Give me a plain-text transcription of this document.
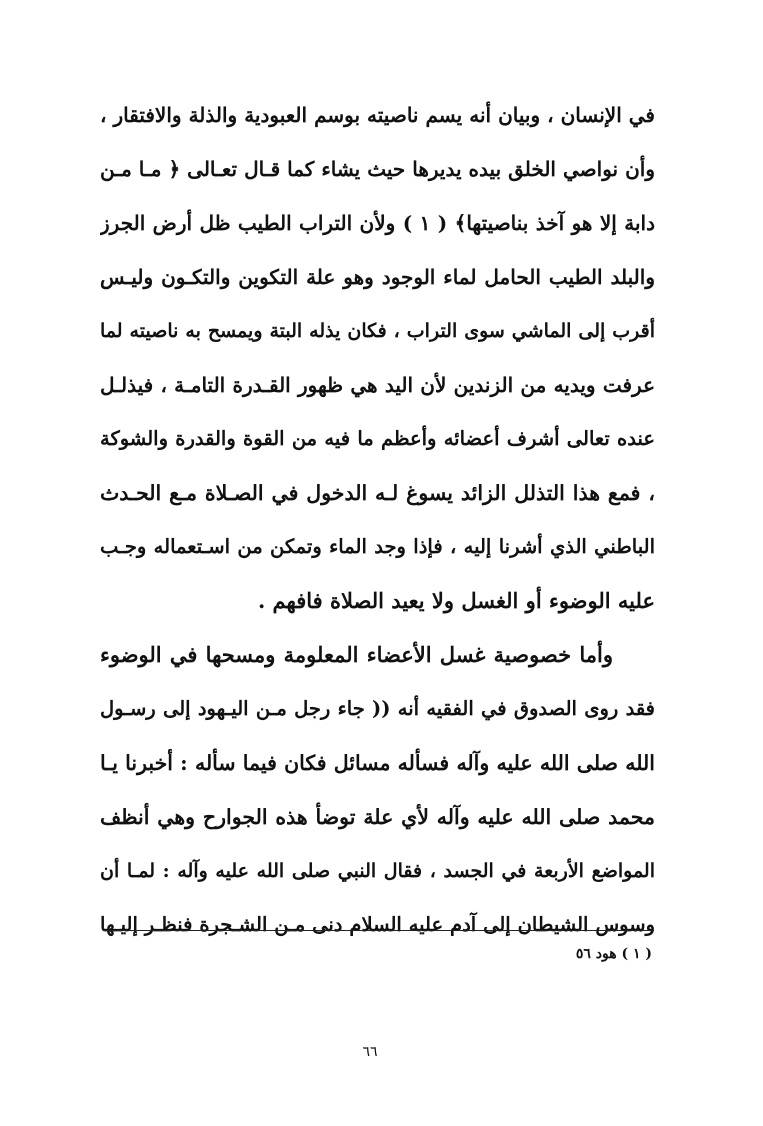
في الإنسان ، وبيان أنه يسم ناصيته بوسم العبودية والذلة والافتقار ،
وأن نواصي الخلق بيده يديرها حيث يشاء كما قـال تعـالى ﴿ مـا مـن
دابة إلا هو آخذ بناصيتها﴾ ( ١ ) ولأن التراب الطيب ظل أرض الجرز
والبلد الطيب الحامل لماء الوجود وهو علة التكوين والتكـون وليـس
أقرب إلى الماشي سوى التراب ، فكان يذله البتة ويمسح به ناصيته لما
عرفت ويديه من الزندين لأن اليد هي ظهور القـدرة التامـة ، فيذلـل
عنده تعالى أشرف أعضائه وأعظم ما فيه من القوة والقدرة والشوكة
، فمع هذا التذلل الزائد يسوغ لـه الدخول في الصـلاة مـع الحـدث
الباطني الذي أشرنا إليه ، فإذا وجد الماء وتمكن من اسـتعماله وجـب
عليه الوضوء أو الغسل ولا يعيد الصلاة فافهم .
وأما خصوصية غسل الأعضاء المعلومة ومسحها في الوضوء
فقد روى الصدوق في الفقيه أنه (( جاء رجل مـن اليـهود إلى رسـول
الله صلى الله عليه وآله فسأله مسائل فكان فيما سأله : أخبرنا يـا
محمد صلى الله عليه وآله لأي علة توضأ هذه الجوارح وهي أنظف
المواضع الأربعة في الجسد ، فقال النبي صلى الله عليه وآله : لمـا أن
وسوس الشيطان إلى آدم عليه السلام دنى مـن الشـجرة فنظـر إليـها
( ١ ) هود ٥٦
٦٦
